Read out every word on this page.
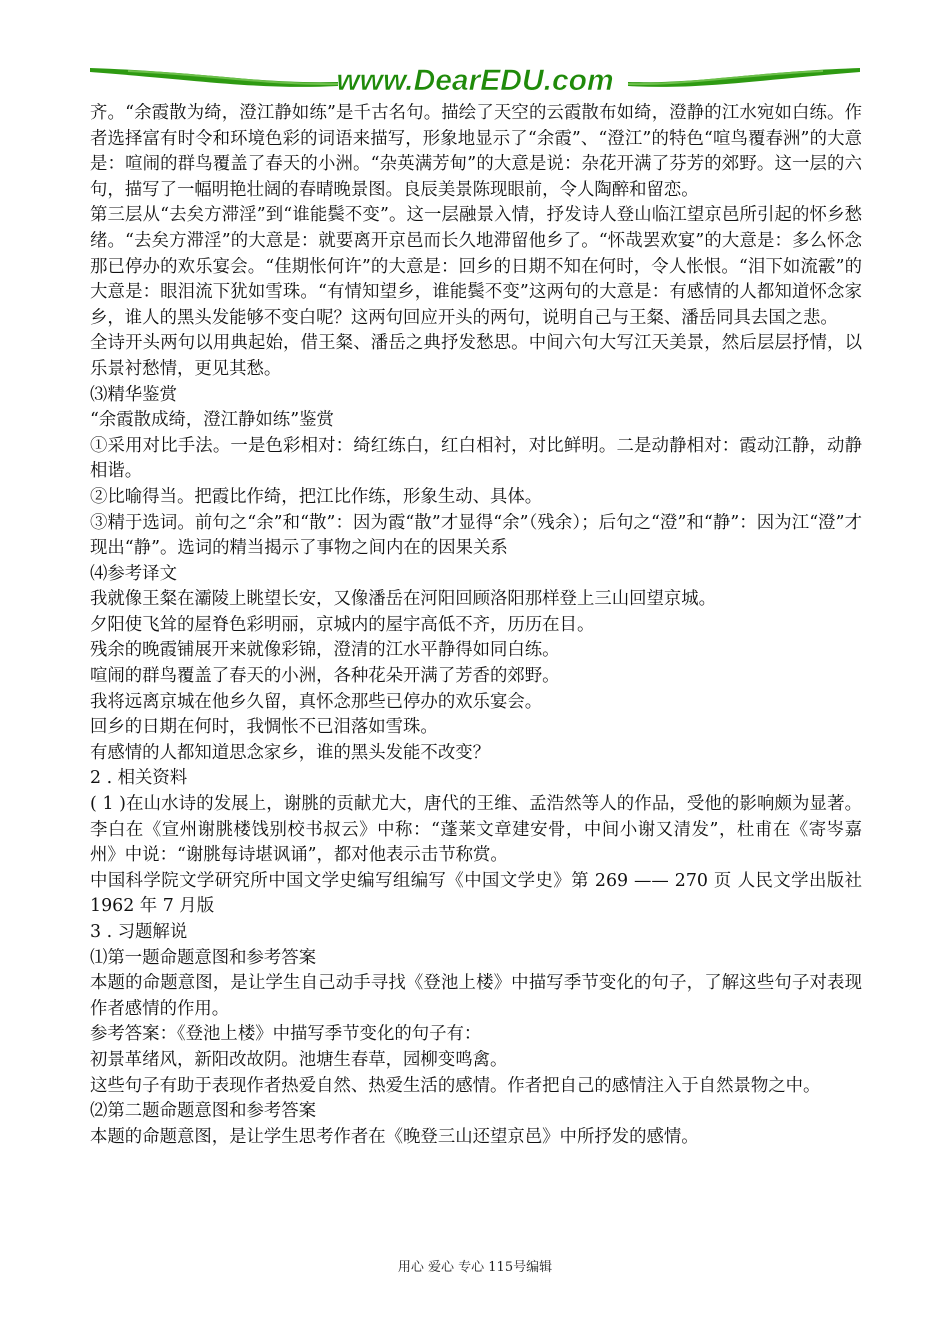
www.DearEDU.com

齐。“余霞散为绮，澄江静如练”是千古名句。描绘了天空的云霞散布如绮，澄静的江水宛如白练。作者选择富有时令和环境色彩的词语来描写，形象地显示了“余霞”、“澄江”的特色“喧鸟覆春洲”的大意是：喧闹的群鸟覆盖了春天的小洲。“杂英满芳甸”的大意是说：杂花开满了芬芳的郊野。这一层的六句，描写了一幅明艳壮阔的春晴晚景图。良辰美景陈现眼前，令人陶醉和留恋。

第三层从“去矣方滞淫”到“谁能鬓不变”。这一层融景入情，抒发诗人登山临江望京邑所引起的怀乡愁绪。“去矣方滞淫”的大意是：就要离开京邑而长久地滞留他乡了。“怀哉罢欢宴”的大意是：多么怀念那已停办的欢乐宴会。“佳期怅何许”的大意是：回乡的日期不知在何时，令人怅恨。“泪下如流霰”的大意是：眼泪流下犹如雪珠。“有情知望乡，谁能鬓不变”这两句的大意是：有感情的人都知道怀念家乡，谁人的黑头发能够不变白呢？这两句回应开头的两句，说明自己与王粲、潘岳同具去国之悲。

全诗开头两句以用典起始，借王粲、潘岳之典抒发愁思。中间六句大写江天美景，然后层层抒情，以乐景衬愁情，更见其愁。

⑶精华鉴赏

“余霞散成绮，澄江静如练”鉴赏

①采用对比手法。一是色彩相对：绮红练白，红白相衬，对比鲜明。二是动静相对：霞动江静，动静相谐。

②比喻得当。把霞比作绮，把江比作练，形象生动、具体。

③精于选词。前句之“余”和“散”：因为霞“散”才显得“余”（残余）；后句之“澄”和“静”：因为江“澄”才现出“静”。选词的精当揭示了事物之间内在的因果关系

⑷参考译文

我就像王粲在灞陵上眺望长安，又像潘岳在河阳回顾洛阳那样登上三山回望京城。

夕阳使飞耸的屋脊色彩明丽，京城内的屋宇高低不齐，历历在目。

残余的晚霞铺展开来就像彩锦，澄清的江水平静得如同白练。

喧闹的群鸟覆盖了春天的小洲，各种花朵开满了芳香的郊野。

我将远离京城在他乡久留，真怀念那些已停办的欢乐宴会。

回乡的日期在何时，我惆怅不已泪落如雪珠。

有感情的人都知道思念家乡，谁的黑头发能不改变？

2 . 相关资料

( 1 )在山水诗的发展上，谢朓的贡献尤大，唐代的王维、孟浩然等人的作品，受他的影响颇为显著。李白在《宣州谢朓楼饯别校书叔云》中称：“蓬莱文章建安骨，中间小谢又清发”，杜甫在《寄岑嘉州》中说：“谢朓每诗堪讽诵”，都对他表示击节称赏。

中国科学院文学研究所中国文学史编写组编写《中国文学史》第 269 —— 270 页 人民文学出版社 1962 年 7 月版

3 . 习题解说

⑴第一题命题意图和参考答案

本题的命题意图，是让学生自己动手寻找《登池上楼》中描写季节变化的句子，了解这些句子对表现作者感情的作用。

参考答案：《登池上楼》中描写季节变化的句子有：

初景革绪风，新阳改故阴。池塘生春草，园柳变鸣禽。

这些句子有助于表现作者热爱自然、热爱生活的感情。作者把自己的感情注入于自然景物之中。

⑵第二题命题意图和参考答案

本题的命题意图，是让学生思考作者在《晚登三山还望京邑》中所抒发的感情。

用心 爱心 专心 115号编辑
